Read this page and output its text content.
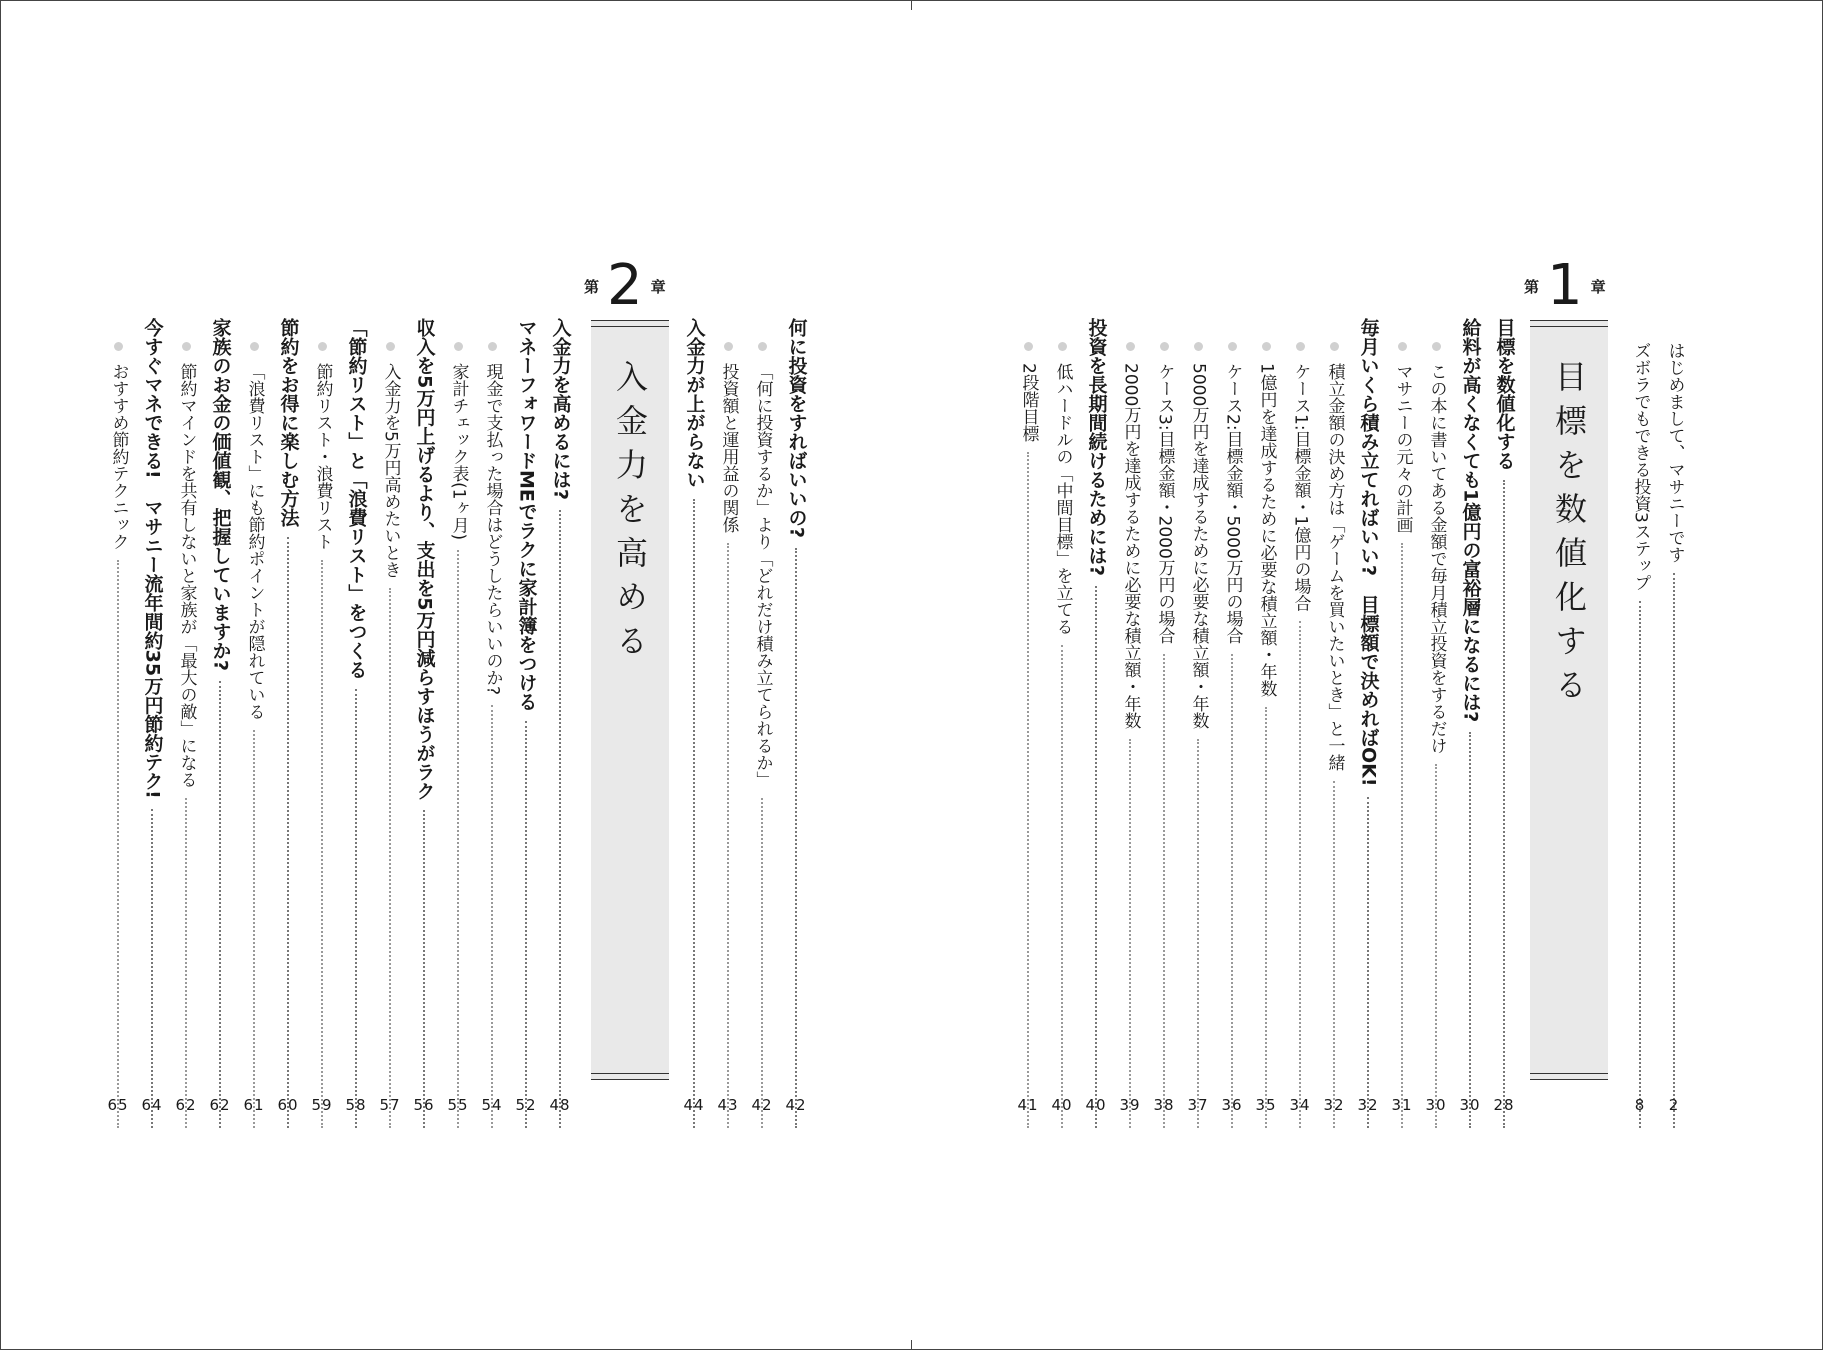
第 1 章
目標を数値化する
第 2 章
入金力を高める	はじめまして、マサニーです
2
ズボラでもできる投資3ステップ
8
目標を数値化する
28
給料が高くなくても1億円の富裕層になるには?
30
この本に書いてある金額で毎月積立投資をするだけ
30
マサニーの元々の計画
31
毎月いくら積み立てればいい?　目標額で決めればOK!
32
積立金額の決め方は「ゲームを買いたいとき」と一緒
32
ケース1:目標金額・1億円の場合
34
1億円を達成するために必要な積立額・年数
35
ケース2:目標金額・5000万円の場合
36
5000万円を達成するために必要な積立額・年数
37
ケース3:目標金額・2000万円の場合
38
2000万円を達成するために必要な積立額・年数
39
投資を長期間続けるためには?
40
低ハードルの「中間目標」を立てる
40
2段階目標
41
何に投資をすればいいの?
42
「何に投資するか」より「どれだけ積み立てられるか」
42
投資額と運用益の関係
43
入金力が上がらない
44
入金力を高めるには?
48
マネーフォワードMEでラクに家計簿をつける
52
現金で支払った場合はどうしたらいいのか?
54
家計チェック表(1ヶ月)
55
収入を5万円上げるより、支出を5万円減らすほうがラク
56
入金力を5万円高めたいとき
57
「節約リスト」と「浪費リスト」をつくる
58
節約リスト・浪費リスト
59
節約をお得に楽しむ方法
60
「浪費リスト」にも節約ポイントが隠れている
61
家族のお金の価値観、把握していますか?
62
節約マインドを共有しないと家族が「最大の敵」になる
62
今すぐマネできる!　マサニー流年間約35万円節約テク!
64
おすすめ節約テクニック
65
